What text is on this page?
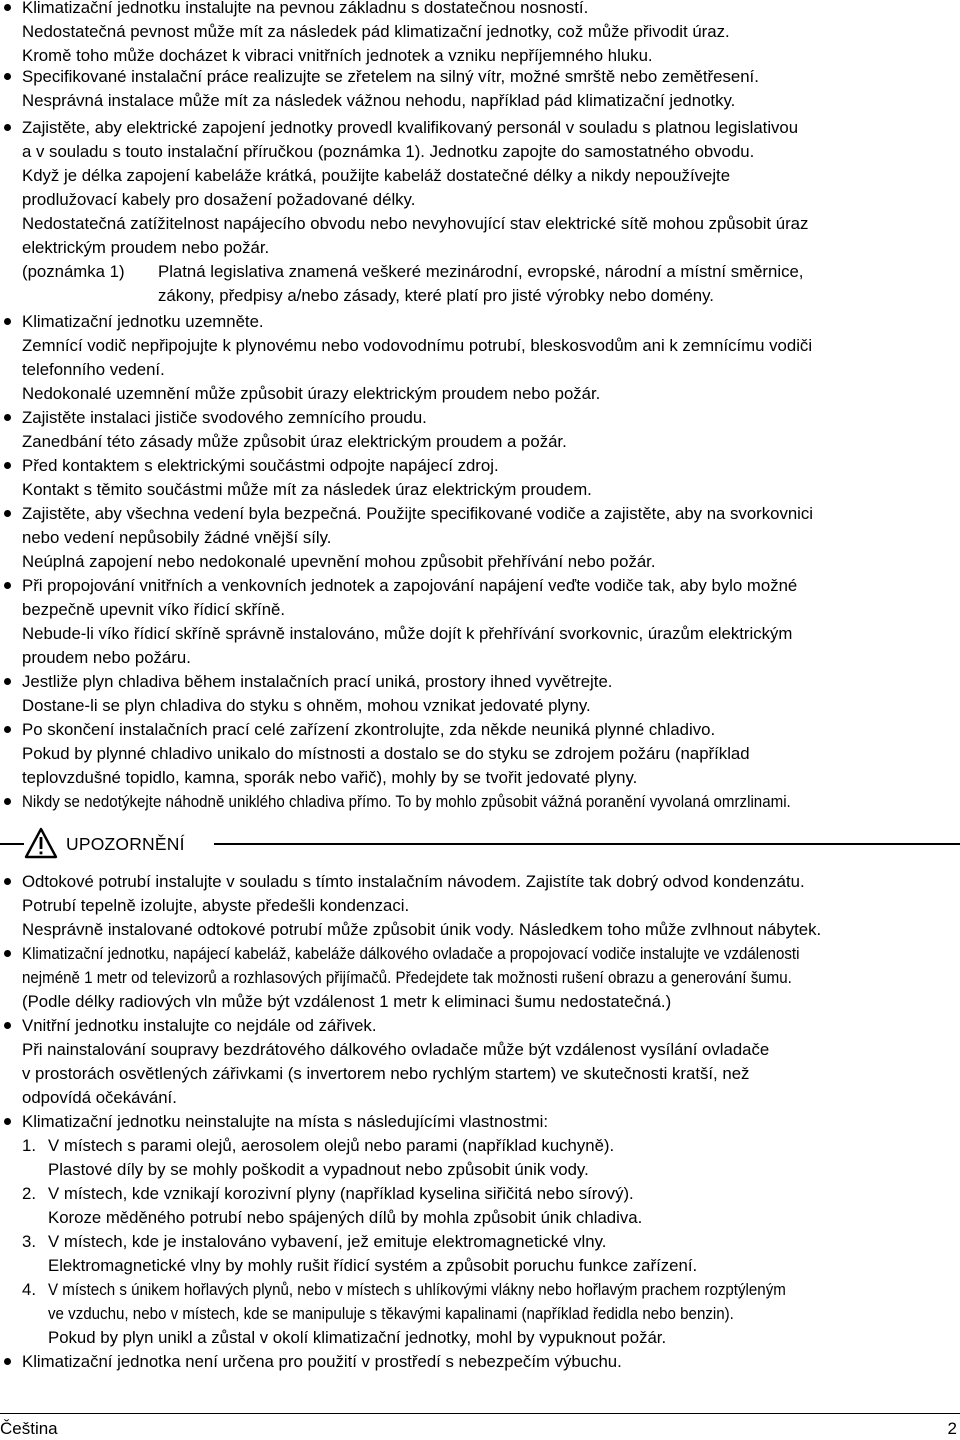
Klimatizační jednotku instalujte na pevnou základnu s dostatečnou nosností.
Nedostatečná pevnost může mít za následek pád klimatizační jednotky, což může přivodit úraz.
Kromě toho může docházet k vibraci vnitřních jednotek a vzniku nepříjemného hluku.
Specifikované instalační práce realizujte se zřetelem na silný vítr, možné smrště nebo zemětřesení.
Nesprávná instalace může mít za následek vážnou nehodu, například pád klimatizační jednotky.
Zajistěte, aby elektrické zapojení jednotky provedl kvalifikovaný personál v souladu s platnou legislativou
a v souladu s touto instalační příručkou (poznámka 1). Jednotku zapojte do samostatného obvodu.
Když je délka zapojení kabeláže krátká, použijte kabeláž dostatečné délky a nikdy nepoužívejte
prodlužovací kabely pro dosažení požadované délky.
Nedostatečná zatížitelnost napájecího obvodu nebo nevyhovující stav elektrické sítě mohou způsobit úraz
elektrickým proudem nebo požár.
(poznámka 1) Platná legislativa znamená veškeré mezinárodní, evropské, národní a místní směrnice,
zákony, předpisy a/nebo zásady, které platí pro jisté výrobky nebo domény.
Klimatizační jednotku uzemněte.
Zemnící vodič nepřipojujte k plynovému nebo vodovodnímu potrubí, bleskosvodům ani k zemnícímu vodiči
telefonního vedení.
Nedokonalé uzemnění může způsobit úrazy elektrickým proudem nebo požár.
Zajistěte instalaci jističe svodového zemnícího proudu.
Zanedbání této zásady může způsobit úraz elektrickým proudem a požár.
Před kontaktem s elektrickými součástmi odpojte napájecí zdroj.
Kontakt s těmito součástmi může mít za následek úraz elektrickým proudem.
Zajistěte, aby všechna vedení byla bezpečná. Použijte specifikované vodiče a zajistěte, aby na svorkovnici
nebo vedení nepůsobily žádné vnější síly.
Neúplná zapojení nebo nedokonalé upevnění mohou způsobit přehřívání nebo požár.
Při propojování vnitřních a venkovních jednotek a zapojování napájení veďte vodiče tak, aby bylo možné
bezpečně upevnit víko řídicí skříně.
Nebude-li víko řídicí skříně správně instalováno, může dojít k přehřívání svorkovnic, úrazům elektrickým
proudem nebo požáru.
Jestliže plyn chladiva během instalačních prací uniká, prostory ihned vyvětrejte.
Dostane-li se plyn chladiva do styku s ohněm, mohou vznikat jedovaté plyny.
Po skončení instalačních prací celé zařízení zkontrolujte, zda někde neuniká plynné chladivo.
Pokud by plynné chladivo unikalo do místnosti a dostalo se do styku se zdrojem požáru (například
teplovzdušné topidlo, kamna, sporák nebo vařič), mohly by se tvořit jedovaté plyny.
Nikdy se nedotýkejte náhodně uniklého chladiva přímo. To by mohlo způsobit vážná poranění vyvolaná omrzlinami.
UPOZORNĚNÍ
Odtokové potrubí instalujte v souladu s tímto instalačním návodem. Zajistíte tak dobrý odvod kondenzátu.
Potrubí tepelně izolujte, abyste předešli kondenzaci.
Nesprávně instalované odtokové potrubí může způsobit únik vody. Následkem toho může zvlhnout nábytek.
Klimatizační jednotku, napájecí kabeláž, kabeláže dálkového ovladače a propojovací vodiče instalujte ve vzdálenosti
nejméně 1 metr od televizorů a rozhlasových přijímačů. Předejdete tak možnosti rušení obrazu a generování šumu.
(Podle délky radiových vln může být vzdálenost 1 metr k eliminaci šumu nedostatečná.)
Vnitřní jednotku instalujte co nejdále od zářivek.
Při nainstalování soupravy bezdrátového dálkového ovladače může být vzdálenost vysílání ovladače
v prostorách osvětlených zářivkami (s invertorem nebo rychlým startem) ve skutečnosti kratší, než
odpovídá očekávání.
Klimatizační jednotku neinstalujte na místa s následujícími vlastnostmi:
1. V místech s parami olejů, aerosolem olejů nebo parami (například kuchyně).
Plastové díly by se mohly poškodit a vypadnout nebo způsobit únik vody.
2. V místech, kde vznikají korozivní plyny (například kyselina siřičitá nebo sírový).
Koroze měděného potrubí nebo spájených dílů by mohla způsobit únik chladiva.
3. V místech, kde je instalováno vybavení, jež emituje elektromagnetické vlny.
Elektromagnetické vlny by mohly rušit řídicí systém a způsobit poruchu funkce zařízení.
4. V místech s únikem hořlavých plynů, nebo v místech s uhlíkovými vlákny nebo hořlavým prachem rozptýleným
ve vzduchu, nebo v místech, kde se manipuluje s těkavými kapalinami (například ředidla nebo benzin).
Pokud by plyn unikl a zůstal v okolí klimatizační jednotky, mohl by vypuknout požár.
Klimatizační jednotka není určena pro použití v prostředí s nebezpečím výbuchu.
Čeština	2
